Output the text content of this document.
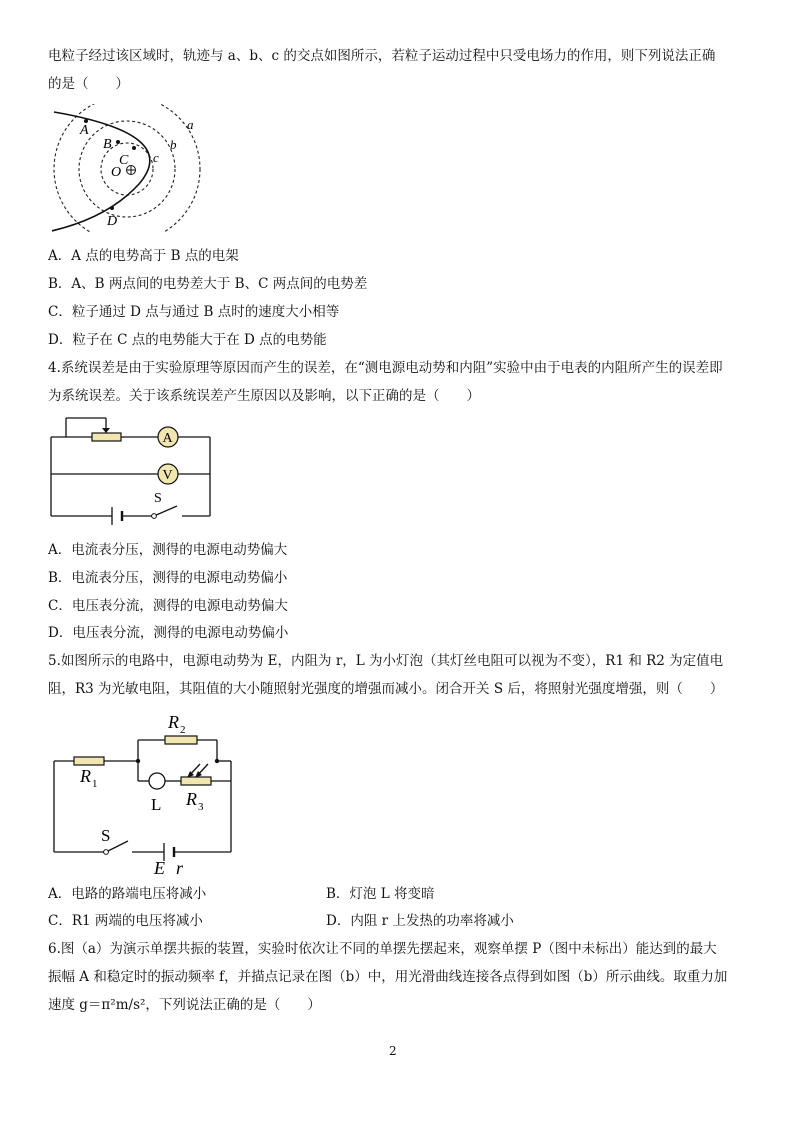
电粒子经过该区域时，轨迹与 a、b、c 的交点如图所示，若粒子运动过程中只受电场力的作用，则下列说法正确
的是（　　）
A
B
C
D
O
a
b
c
A．A 点的电势高于 B 点的电架
B．A、B 两点间的电势差大于 B、C 两点间的电势差
C．粒子通过 D 点与通过 B 点时的速度大小相等
D．粒子在 C 点的电势能大于在 D 点的电势能
4.系统误差是由于实验原理等原因而产生的误差，在“测电源电动势和内阻”实验中由于电表的内阻所产生的误差即
为系统误差。关于该系统误差产生原因以及影响，以下正确的是（　　）
A
V
S
A．电流表分压，测得的电源电动势偏大
B．电流表分压，测得的电源电动势偏小
C．电压表分流，测得的电源电动势偏大
D．电压表分流，测得的电源电动势偏小
5.如图所示的电路中，电源电动势为 E，内阻为 r，L 为小灯泡（其灯丝电阻可以视为不变），R1 和 R2 为定值电
阻，R3 为光敏电阻，其阻值的大小随照射光强度的增强而减小。闭合开关 S 后，将照射光强度增强，则（　　）
R 2
R 1
R 3
L
S
E r
A．电路的路端电压将减小	B．灯泡 L 将变暗
C．R1 两端的电压将减小	D．内阻 r 上发热的功率将减小
6.图（a）为演示单摆共振的装置，实验时依次让不同的单摆先摆起来，观察单摆 P（图中未标出）能达到的最大
振幅 A 和稳定时的振动频率 f，并描点记录在图（b）中，用光滑曲线连接各点得到如图（b）所示曲线。取重力加
速度 g＝π²m/s²，下列说法正确的是（　　）
2
